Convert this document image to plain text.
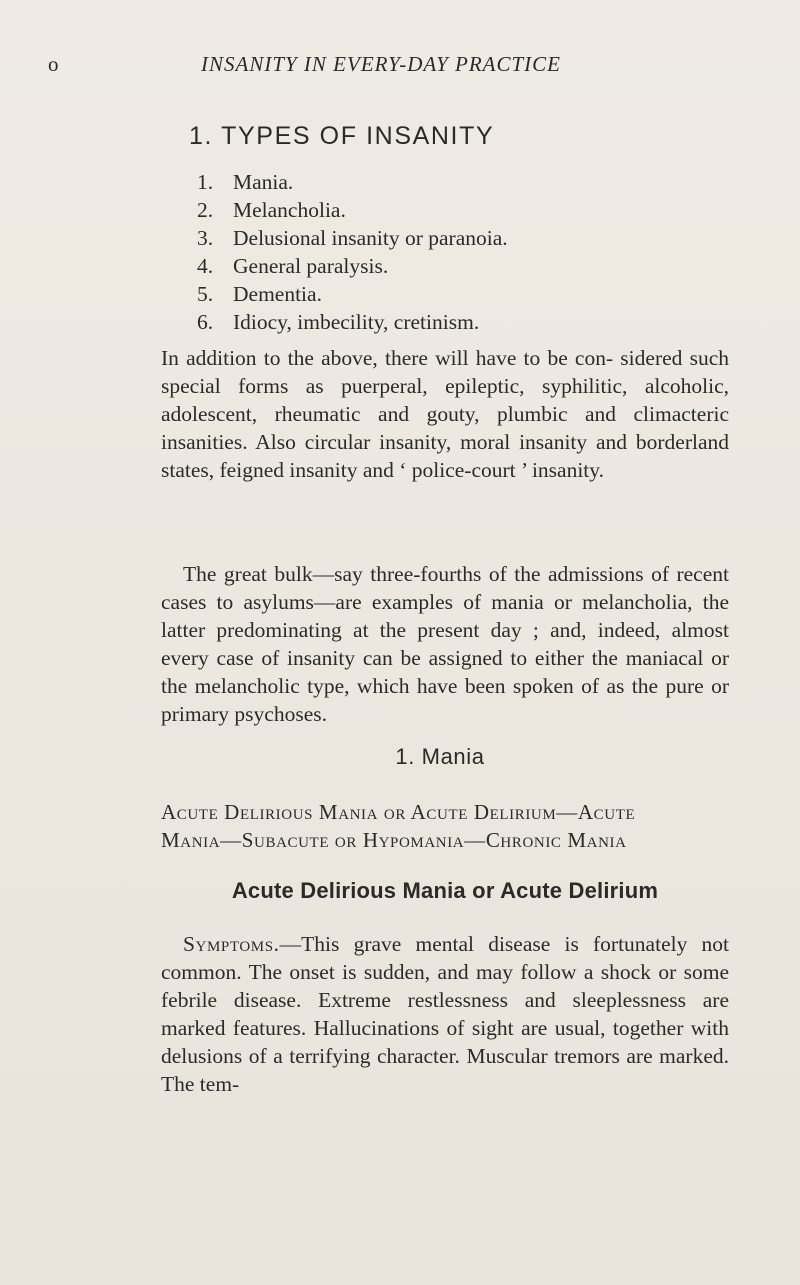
o	INSANITY IN EVERY-DAY PRACTICE
1. TYPES OF INSANITY
1. Mania.
2. Melancholia.
3. Delusional insanity or paranoia.
4. General paralysis.
5. Dementia.
6. Idiocy, imbecility, cretinism.

In addition to the above, there will have to be con- sidered such special forms as puerperal, epileptic, syphilitic, alcoholic, adolescent, rheumatic and gouty, plumbic and climacteric insanities. Also circular insanity, moral insanity and borderland states, feigned insanity and ‘ police-court ’ insanity.

The great bulk—say three-fourths of the admissions of recent cases to asylums—are examples of mania or melancholia, the latter predominating at the present day ; and, indeed, almost every case of insanity can be assigned to either the maniacal or the melancholic type, which have been spoken of as the pure or primary psychoses.

1. Mania
Acute Delirious Mania or Acute Delirium—Acute
Mania—Subacute or Hypomania—Chronic Mania
Acute Delirious Mania or Acute Delirium

Symptoms.—This grave mental disease is fortunately not common. The onset is sudden, and may follow a shock or some febrile disease. Extreme restlessness and sleeplessness are marked features. Hallucinations of sight are usual, together with delusions of a terrifying character. Muscular tremors are marked. The tem-
